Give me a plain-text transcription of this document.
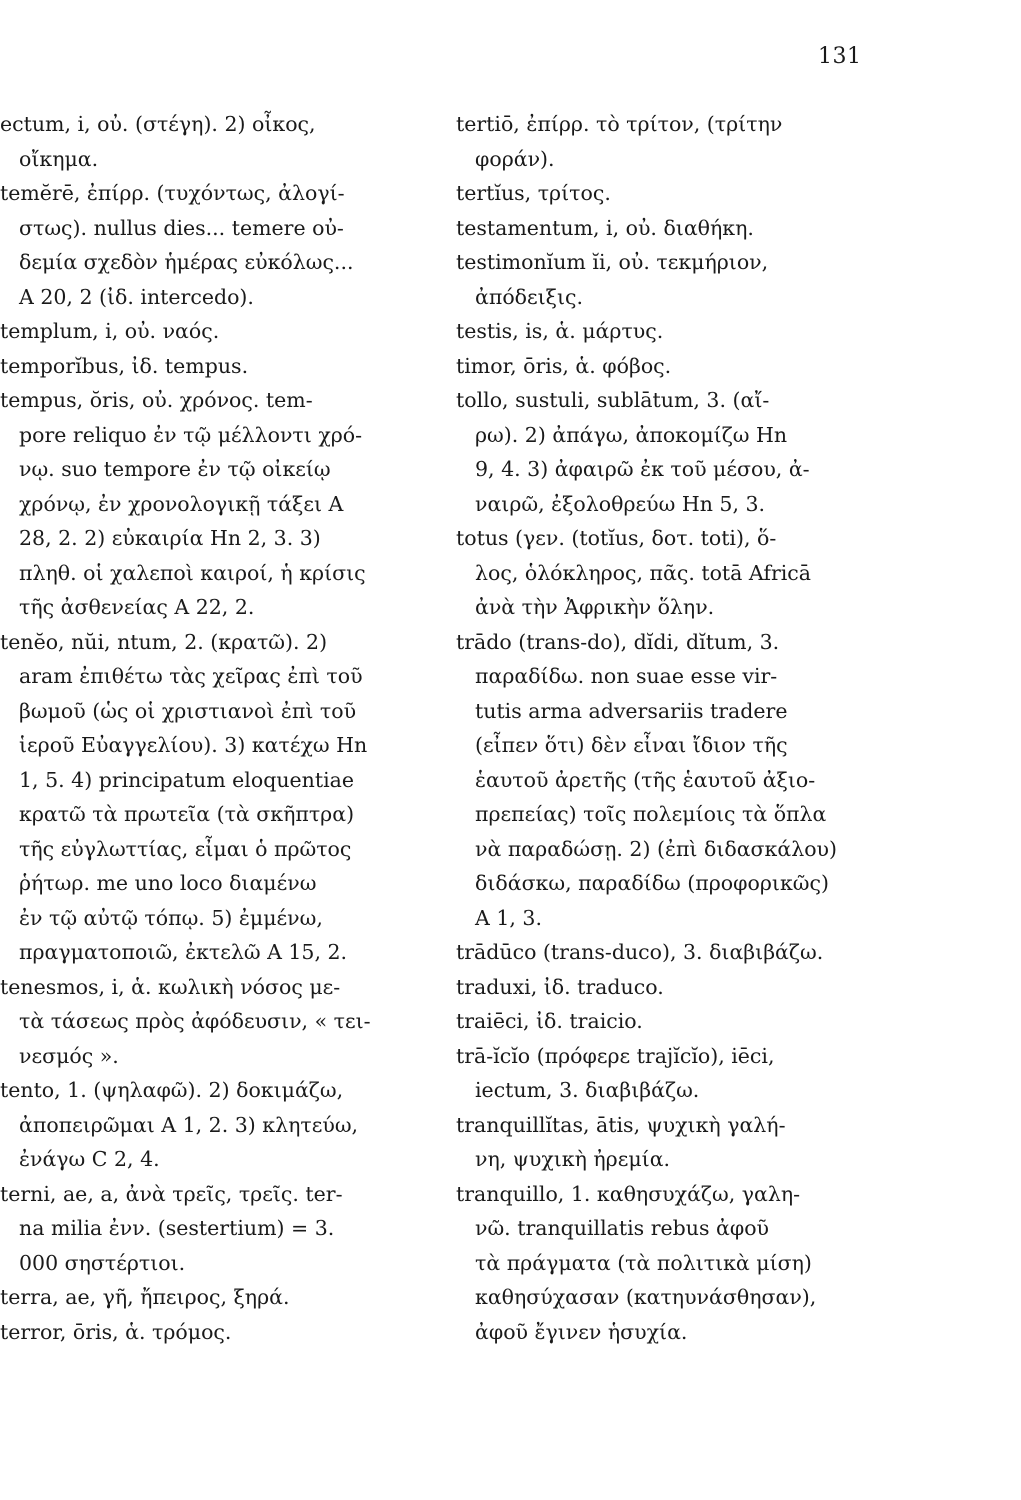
131
ectum, i, οὐ. (στέγη). 2) οἶκος,
οἴκημα.
temĕrē, ἐπίρρ. (τυχόντως, ἀλογί-
στως). nullus dies... temere οὐ-
δεμία σχεδὸν ἡμέρας εὐκόλως...
A 20, 2 (ἰδ. intercedo).
templum, i, οὐ. ναός.
temporĭbus, ἰδ. tempus.
tempus, ŏris, οὐ. χρόνος. tem-
pore reliquo ἐν τῷ μέλλοντι χρό-
νῳ. suo tempore ἐν τῷ οἰκείῳ
χρόνῳ, ἐν χρονολογικῇ τάξει A
28, 2. 2) εὐκαιρία Hn 2, 3. 3)
πληθ. οἱ χαλεποὶ καιροί, ἡ κρίσις
τῆς ἀσθενείας A 22, 2.
tenĕo, nŭi, ntum, 2. (κρατῶ). 2)
aram ἐπιθέτω τὰς χεῖρας ἐπὶ τοῦ
βωμοῦ (ὡς οἱ χριστιανοὶ ἐπὶ τοῦ
ἱεροῦ Εὐαγγελίου). 3) κατέχω Hn
1, 5. 4) principatum eloquentiae
κρατῶ τὰ πρωτεῖα (τὰ σκῆπτρα)
τῆς εὐγλωττίας, εἶμαι ὁ πρῶτος
ῥήτωρ. me uno loco διαμένω
ἐν τῷ αὐτῷ τόπῳ. 5) ἐμμένω,
πραγματοποιῶ, ἐκτελῶ A 15, 2.
tenesmos, i, ἁ. κωλικὴ νόσος με-
τὰ τάσεως πρὸς ἀφόδευσιν, « τει-
νεσμός ».
tento, 1. (ψηλαφῶ). 2) δοκιμάζω,
ἀποπειρῶμαι A 1, 2. 3) κλητεύω,
ἐνάγω C 2, 4.
terni, ae, a, ἀνὰ τρεῖς, τρεῖς. ter-
na milia ἐνν. (sestertium) = 3.
000 σηστέρτιοι.
terra, ae, γῆ, ἤπειρος, ξηρά.
terror, ōris, ἁ. τρόμος.
tertiō, ἐπίρρ. τὸ τρίτον, (τρίτην
φοράν).
tertĭus, τρίτος.
testamentum, i, οὐ. διαθήκη.
testimonĭum ĭi, οὐ. τεκμήριον,
ἀπόδειξις.
testis, is, ἁ. μάρτυς.
timor, ōris, ἁ. φόβος.
tollo, sustuli, sublātum, 3. (αἴ-
ρω). 2) ἀπάγω, ἀποκομίζω Hn
9, 4. 3) ἀφαιρῶ ἐκ τοῦ μέσου, ἀ-
ναιρῶ, ἐξολοθρεύω Hn 5, 3.
totus (γεν. (totĭus, δοτ. toti), ὅ-
λος, ὁλόκληρος, πᾶς. totā Africā
ἀνὰ τὴν Ἀφρικὴν ὅλην.
trādo (trans-do), dĭdi, dĭtum, 3.
παραδίδω. non suae esse vir-
tutis arma adversariis tradere
(εἶπεν ὅτι) δὲν εἶναι ἴδιον τῆς
ἑαυτοῦ ἀρετῆς (τῆς ἑαυτοῦ ἀξιο-
πρεπείας) τοῖς πολεμίοις τὰ ὅπλα
νὰ παραδώσῃ. 2) (ἐπὶ διδασκάλου)
διδάσκω, παραδίδω (προφορικῶς)
A 1, 3.
trādūco (trans-duco), 3. διαβιβάζω.
traduxi, ἰδ. traduco.
traiēci, ἰδ. traicio.
trā-ĭcĭo (πρόφερε trajĭcĭo), iēci,
iectum, 3. διαβιβάζω.
tranquillĭtas, ātis, ψυχικὴ γαλή-
νη, ψυχικὴ ἠρεμία.
tranquillo, 1. καθησυχάζω, γαλη-
νῶ. tranquillatis rebus ἀφοῦ
τὰ πράγματα (τὰ πολιτικὰ μίση)
καθησύχασαν (κατηυνάσθησαν),
ἀφοῦ ἔγινεν ἡσυχία.
